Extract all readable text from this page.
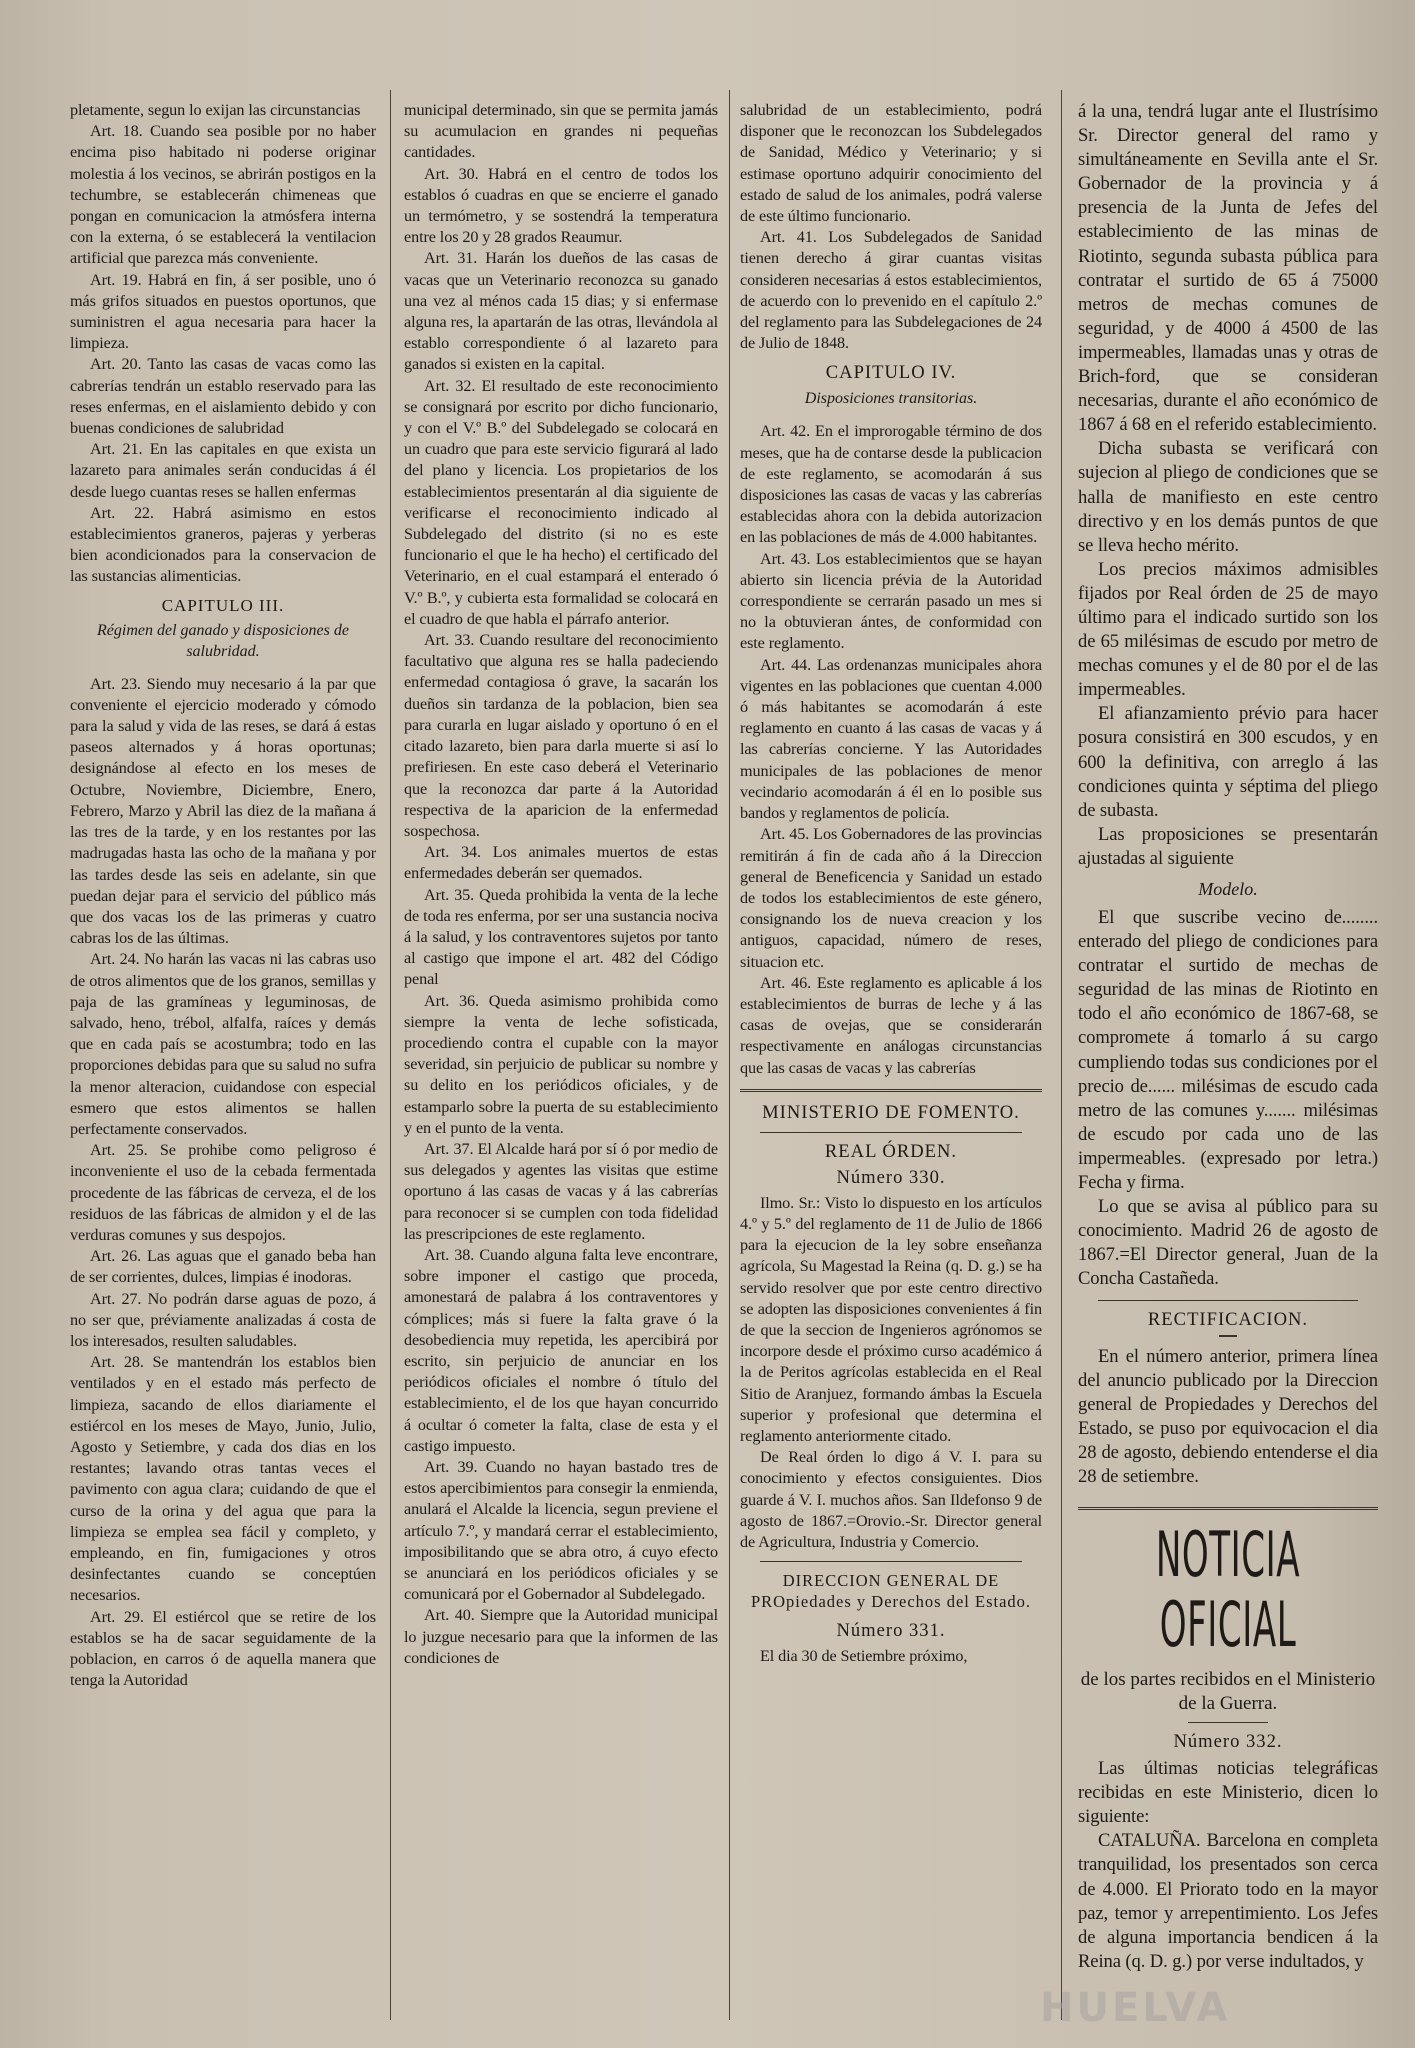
pletamente, segun lo exijan las circunstancias

Art. 18. Cuando sea posible por no haber encima piso habitado ni poderse originar molestia á los vecinos, se abrirán postigos en la techumbre, se establecerán chimeneas que pongan en comunicacion la atmósfera interna con la externa, ó se establecerá la ventilacion artificial que parezca más conveniente.

Art. 19. Habrá en fin, á ser posible, uno ó más grifos situados en puestos oportunos, que suministren el agua necesaria para hacer la limpieza.

Art. 20. Tanto las casas de vacas como las cabrerías tendrán un establo reservado para las reses enfermas, en el aislamiento debido y con buenas condiciones de salubridad

Art. 21. En las capitales en que exista un lazareto para animales serán conducidas á él desde luego cuantas reses se hallen enfermas

Art. 22. Habrá asimismo en estos establecimientos graneros, pajeras y yerberas bien acondicionados para la conservacion de las sustancias alimenticias.

CAPITULO III.
Régimen del ganado y disposiciones de salubridad.

Art. 23. Siendo muy necesario á la par que conveniente el ejercicio moderado y cómodo para la salud y vida de las reses, se dará á estas paseos alternados y á horas oportunas; designándose al efecto en los meses de Octubre, Noviembre, Diciembre, Enero, Febrero, Marzo y Abril las diez de la mañana á las tres de la tarde, y en los restantes por las madrugadas hasta las ocho de la mañana y por las tardes desde las seis en adelante, sin que puedan dejar para el servicio del público más que dos vacas los de las primeras y cuatro cabras los de las últimas.

Art. 24. No harán las vacas ni las cabras uso de otros alimentos que de los granos, semillas y paja de las gramíneas y leguminosas, de salvado, heno, trébol, alfalfa, raíces y demás que en cada país se acostumbra; todo en las proporciones debidas para que su salud no sufra la menor alteracion, cuidandose con especial esmero que estos alimentos se hallen perfectamente conservados.

Art. 25. Se prohibe como peligroso é inconveniente el uso de la cebada fermentada procedente de las fábricas de cerveza, el de los residuos de las fábricas de almidon y el de las verduras comunes y sus despojos.

Art. 26. Las aguas que el ganado beba han de ser corrientes, dulces, limpias é inodoras.

Art. 27. No podrán darse aguas de pozo, á no ser que, préviamente analizadas á costa de los interesados, resulten saludables.

Art. 28. Se mantendrán los establos bien ventilados y en el estado más perfecto de limpieza, sacando de ellos diariamente el estiércol en los meses de Mayo, Junio, Julio, Agosto y Setiembre, y cada dos dias en los restantes; lavando otras tantas veces el pavimento con agua clara; cuidando de que el curso de la orina y del agua que para la limpieza se emplea sea fácil y completo, y empleando, en fin, fumigaciones y otros desinfectantes cuando se conceptúen necesarios.

Art. 29. El estiércol que se retire de los establos se ha de sacar seguidamente de la poblacion, en carros ó de aquella manera que tenga la Autoridad

municipal determinado, sin que se permita jamás su acumulacion en grandes ni pequeñas cantidades.

Art. 30. Habrá en el centro de todos los establos ó cuadras en que se encierre el ganado un termómetro, y se sostendrá la temperatura entre los 20 y 28 grados Reaumur.

Art. 31. Harán los dueños de las casas de vacas que un Veterinario reconozca su ganado una vez al ménos cada 15 dias; y si enfermase alguna res, la apartarán de las otras, llevándola al establo correspondiente ó al lazareto para ganados si existen en la capital.

Art. 32. El resultado de este reconocimiento se consignará por escrito por dicho funcionario, y con el V.º B.º del Subdelegado se colocará en un cuadro que para este servicio figurará al lado del plano y licencia. Los propietarios de los establecimientos presentarán al dia siguiente de verificarse el reconocimiento indicado al Subdelegado del distrito (si no es este funcionario el que le ha hecho) el certificado del Veterinario, en el cual estampará el enterado ó V.º B.º, y cubierta esta formalidad se colocará en el cuadro de que habla el párrafo anterior.

Art. 33. Cuando resultare del reconocimiento facultativo que alguna res se halla padeciendo enfermedad contagiosa ó grave, la sacarán los dueños sin tardanza de la poblacion, bien sea para curarla en lugar aislado y oportuno ó en el citado lazareto, bien para darla muerte si así lo prefiriesen. En este caso deberá el Veterinario que la reconozca dar parte á la Autoridad respectiva de la aparicion de la enfermedad sospechosa.

Art. 34. Los animales muertos de estas enfermedades deberán ser quemados.

Art. 35. Queda prohibida la venta de la leche de toda res enferma, por ser una sustancia nociva á la salud, y los contraventores sujetos por tanto al castigo que impone el art. 482 del Código penal

Art. 36. Queda asimismo prohibida como siempre la venta de leche sofisticada, procediendo contra el cupable con la mayor severidad, sin perjuicio de publicar su nombre y su delito en los periódicos oficiales, y de estamparlo sobre la puerta de su establecimiento y en el punto de la venta.

Art. 37. El Alcalde hará por sí ó por medio de sus delegados y agentes las visitas que estime oportuno á las casas de vacas y á las cabrerías para reconocer si se cumplen con toda fidelidad las prescripciones de este reglamento.

Art. 38. Cuando alguna falta leve encontrare, sobre imponer el castigo que proceda, amonestará de palabra á los contraventores y cómplices; más si fuere la falta grave ó la desobediencia muy repetida, les apercibirá por escrito, sin perjuicio de anunciar en los periódicos oficiales el nombre ó título del establecimiento, el de los que hayan concurrido á ocultar ó cometer la falta, clase de esta y el castigo impuesto.

Art. 39. Cuando no hayan bastado tres de estos apercibimientos para consegir la enmienda, anulará el Alcalde la licencia, segun previene el artículo 7.º, y mandará cerrar el establecimiento, imposibilitando que se abra otro, á cuyo efecto se anunciará en los periódicos oficiales y se comunicará por el Gobernador al Subdelegado.

Art. 40. Siempre que la Autoridad municipal lo juzgue necesario para que la informen de las condiciones de

salubridad de un establecimiento, podrá disponer que le reconozcan los Subdelegados de Sanidad, Médico y Veterinario; y si estimase oportuno adquirir conocimiento del estado de salud de los animales, podrá valerse de este último funcionario.

Art. 41. Los Subdelegados de Sanidad tienen derecho á girar cuantas visitas consideren necesarias á estos establecimientos, de acuerdo con lo prevenido en el capítulo 2.º del reglamento para las Subdelegaciones de 24 de Julio de 1848.

CAPITULO IV.
Disposiciones transitorias.

Art. 42. En el improrogable término de dos meses, que ha de contarse desde la publicacion de este reglamento, se acomodarán á sus disposiciones las casas de vacas y las cabrerías establecidas ahora con la debida autorizacion en las poblaciones de más de 4.000 habitantes.

Art. 43. Los establecimientos que se hayan abierto sin licencia prévia de la Autoridad correspondiente se cerrarán pasado un mes si no la obtuvieran ántes, de conformidad con este reglamento.

Art. 44. Las ordenanzas municipales ahora vigentes en las poblaciones que cuentan 4.000 ó más habitantes se acomodarán á este reglamento en cuanto á las casas de vacas y á las cabrerías concierne. Y las Autoridades municipales de las poblaciones de menor vecindario acomodarán á él en lo posible sus bandos y reglamentos de policía.

Art. 45. Los Gobernadores de las provincias remitirán á fin de cada año á la Direccion general de Beneficencia y Sanidad un estado de todos los establecimientos de este género, consignando los de nueva creacion y los antiguos, capacidad, número de reses, situacion etc.

Art. 46. Este reglamento es aplicable á los establecimientos de burras de leche y á las casas de ovejas, que se considerarán respectivamente en análogas circunstancias que las casas de vacas y las cabrerías

MINISTERIO DE FOMENTO.
REAL ÓRDEN.
Número 330.

Ilmo. Sr.: Visto lo dispuesto en los artículos 4.º y 5.º del reglamento de 11 de Julio de 1866 para la ejecucion de la ley sobre enseñanza agrícola, Su Magestad la Reina (q. D. g.) se ha servido resolver que por este centro directivo se adopten las disposiciones convenientes á fin de que la seccion de Ingenieros agrónomos se incorpore desde el próximo curso académico á la de Peritos agrícolas establecida en el Real Sitio de Aranjuez, formando ámbas la Escuela superior y profesional que determina el reglamento anteriormente citado.

De Real órden lo digo á V. I. para su conocimiento y efectos consiguientes. Dios guarde á V. I. muchos años. San Ildefonso 9 de agosto de 1867.=Orovio.-Sr. Director general de Agricultura, Industria y Comercio.

DIRECCION GENERAL DE PROpiedades y Derechos del Estado.
Número 331.

El dia 30 de Setiembre próximo,

á la una, tendrá lugar ante el Ilustrísimo Sr. Director general del ramo y simultáneamente en Sevilla ante el Sr. Gobernador de la provincia y á presencia de la Junta de Jefes del establecimiento de las minas de Riotinto, segunda subasta pública para contratar el surtido de 65 á 75000 metros de mechas comunes de seguridad, y de 4000 á 4500 de las impermeables, llamadas unas y otras de Brich-ford, que se consideran necesarias, durante el año económico de 1867 á 68 en el referido establecimiento.

Dicha subasta se verificará con sujecion al pliego de condiciones que se halla de manifiesto en este centro directivo y en los demás puntos de que se lleva hecho mérito.

Los precios máximos admisibles fijados por Real órden de 25 de mayo último para el indicado surtido son los de 65 milésimas de escudo por metro de mechas comunes y el de 80 por el de las impermeables.

El afianzamiento prévio para hacer posura consistirá en 300 escudos, y en 600 la definitiva, con arreglo á las condiciones quinta y séptima del pliego de subasta.

Las proposiciones se presentarán ajustadas al siguiente

Modelo.

El que suscribe vecino de........ enterado del pliego de condiciones para contratar el surtido de mechas de seguridad de las minas de Riotinto en todo el año económico de 1867-68, se compromete á tomarlo á su cargo cumpliendo todas sus condiciones por el precio de...... milésimas de escudo cada metro de las comunes y....... milésimas de escudo por cada uno de las impermeables. (expresado por letra.) Fecha y firma.

Lo que se avisa al público para su conocimiento. Madrid 26 de agosto de 1867.=El Director general, Juan de la Concha Castañeda.

RECTIFICACION.

En el número anterior, primera línea del anuncio publicado por la Direccion general de Propiedades y Derechos del Estado, se puso por equivocacion el dia 28 de agosto, debiendo entenderse el dia 28 de setiembre.

NOTICIA OFICIAL
de los partes recibidos en el Ministerio de la Guerra.
Número 332.

Las últimas noticias telegráficas recibidas en este Ministerio, dicen lo siguiente:

CATALUÑA. Barcelona en completa tranquilidad, los presentados son cerca de 4.000. El Priorato todo en la mayor paz, temor y arrepentimiento. Los Jefes de alguna importancia bendicen á la Reina (q. D. g.) por verse indultados, y

HUELVA
